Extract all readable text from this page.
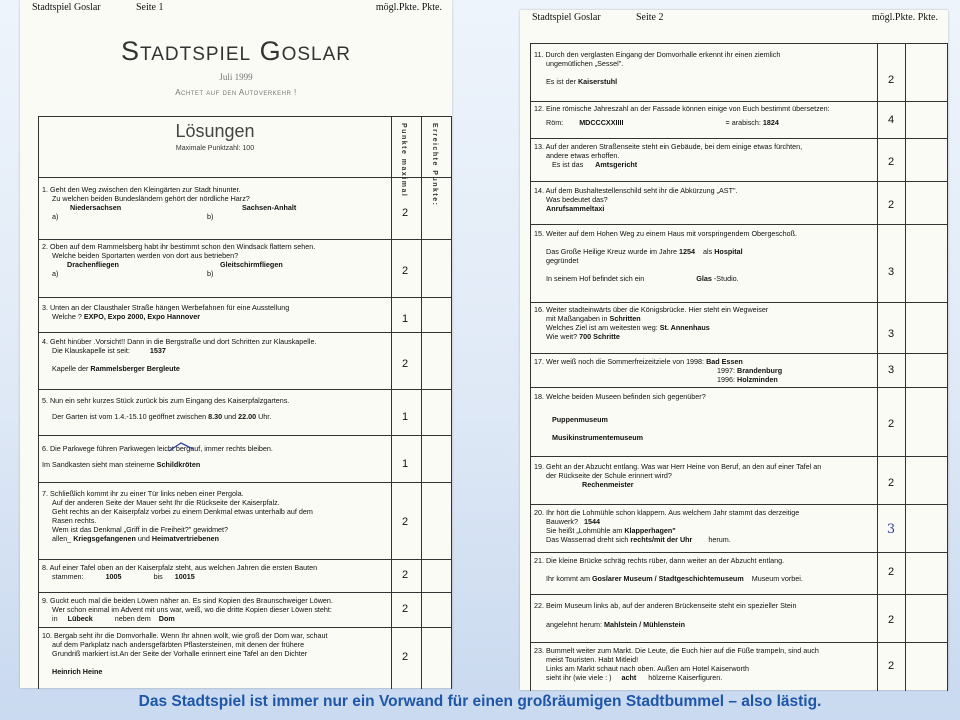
Stadtspiel Goslar	Seite 1	mögl.Pkte. Pkte.
Stadtspiel Goslar
Juli 1999
Achtet auf den Autoverkehr !
Lösungen
Maximale Punktzahl: 100	Punkte maximal	Erreichte Punkte:
1. Geht den Weg zwischen den Kleingärten zur Stadt hinunter.
Zu welchen beiden Bundesländern gehört der nördliche Harz?
Niedersachsen	Sachsen-Anhalt
a)	b)	2
2. Oben auf dem Rammelsberg habt ihr bestimmt schon den Windsack flattern sehen.
Welche beiden Sportarten werden von dort aus betrieben?
Drachenfliegen	Gleitschirmfliegen
a)	b)	2
3. Unten an der Clausthaler Straße hängen Werbefahnen für eine Ausstellung
Welche ? EXPO, Expo 2000, Expo Hannover	1
4. Geht hinüber .Vorsicht!! Dann in die Bergstraße und dort Schritten zur Klauskapelle.
Die Klauskapelle ist seit:	1537
Kapelle der Rammelsberger Bergleute	2
5. Nun ein sehr kurzes Stück zurück bis zum Eingang des Kaiserpfalzgartens.
Der Garten ist vom 1.4.-15.10 geöffnet zwischen 8.30 und 22.00 Uhr.	1
6. Die Parkwege führen Parkwegen leicht bergauf, immer rechts bleiben.
Im Sandkasten sieht man steinerne Schildkröten	1
7. Schließlich kommt ihr zu einer Tür links neben einer Pergola.
Auf der anderen Seite der Mauer seht Ihr die Rückseite der Kaiserpfalz.
Geht rechts an der Kaiserpfalz vorbei zu einem Denkmal etwas unterhalb auf dem
Rasen rechts.
Wem ist das Denkmal „Griff in die Freiheit?" gewidmet?
allen_ Kriegsgefangenen und Heimatvertriebenen
2
8. Auf einer Tafel oben an der Kaiserpfalz steht, aus welchen Jahren die ersten Bauten
stammen:	1005	bis 10015	2
9. Guckt euch mal die beiden Löwen näher an. Es sind Kopien des Braunschweiger Löwen.
Wer schon einmal im Advent mit uns war, weiß, wo die dritte Kopien dieser Löwen steht:
in Lübeck	neben dem Dom
2
10. Bergab seht ihr die Domvorhalle. Wenn Ihr ahnen wollt, wie groß der Dom war, schaut
auf dem Parkplatz nach andersgefärbten Pflastersteinen, mit denen der frühere
Grundriß markiert ist.An der Seite der Vorhalle erinnert eine Tafel an den Dichter
Heinrich Heine
2
Stadtspiel Goslar	Seite 2	mögl.Pkte. Pkte.
11. Durch den verglasten Eingang der Domvorhalle erkennt ihr einen ziemlich
ungemütlichen „Sessel".
Es ist der Kaiserstuhl	2
12. Eine römische Jahreszahl an der Fassade können einige von Euch bestimmt übersetzen:
Röm: MDCCCXXIIII	= arabisch: 1824	4
13. Auf der anderen Straßenseite steht ein Gebäude, bei dem einige etwas fürchten,
andere etwas erhoffen.
Es ist das Amtsgericht	2
14. Auf dem Bushaltestellenschild seht ihr die Abkürzung „AST".
Was bedeutet das?
Anrufsammeltaxi	2
15. Weiter auf dem Hohen Weg zu einem Haus mit vorspringendem Obergeschoß.
Das Große Heilige Kreuz wurde im Jahre 1254 als Hospital
gegründet
In seinem Hof befindet sich ein	Glas -Studio.
3
16. Weiter stadteinwärts über die Königsbrücke. Hier steht ein Wegweiser
mit Maßangaben in Schritten
Welches Ziel ist am weitesten weg: St. Annenhaus
Wie weit? 700 Schritte	3
17. Wer weiß noch die Sommerfreizeitziele von 1998: Bad Essen
1997: Brandenburg
1996: Holzminden
3
18. Welche beiden Museen befinden sich gegenüber?
Puppenmuseum
Musikinstrumentemuseum
2
19. Geht an der Abzucht entlang. Was war Herr Heine von Beruf, an den auf einer Tafel an
der Rückseite der Schule erinnert wird?
Rechenmeister	2
20. Ihr hört die Lohmühle schon klappern. Aus welchem Jahr stammt das derzeitige
Bauwerk? 1544
Sie heißt „Lohmühle am Klapperhagen"
Das Wasserrad dreht sich rechts/mit der Uhr herum.
3
21. Die kleine Brücke schräg rechts rüber, dann weiter an der Abzucht entlang.
Ihr kommt am Goslarer Museum / Stadtgeschichtemuseum Museum vorbei.
2
22. Beim Museum links ab, auf der anderen Brückenseite steht ein spezieller Stein
angelehnt herum: Mahlstein / Mühlenstein	2
23. Bummelt weiter zum Markt. Die Leute, die Euch hier auf die Füße trampeln, sind auch
meist Touristen. Habt Mitleid!
Links am Markt schaut nach oben. Außen am Hotel Kaiserworth
sieht ihr (wie viele : ) acht hölzerne Kaiserfiguren.
2
Das Stadtspiel ist immer nur ein Vorwand für einen großräumigen Stadtbummel – also lästig.
